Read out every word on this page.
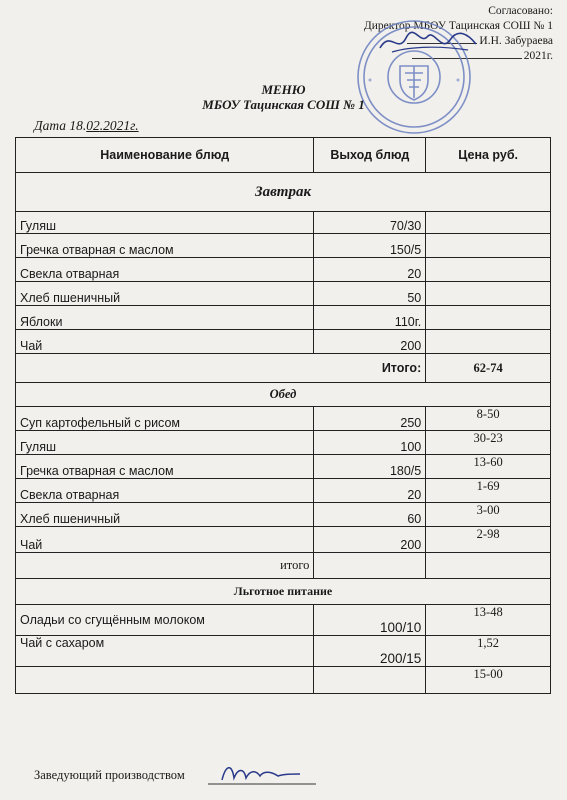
Согласовано:
Директор МБОУ Тацинская СОШ № 1
И.Н. Забураева
2021г.
МЕНЮ
МБОУ Тацинская СОШ № 1
Дата 18.02.2021г.
Наименование блюд	Выход блюд	Цена руб.
Завтрак		
Гуляш	70/30	
Гречка отварная с маслом	150/5	
Свекла отварная	20	
Хлеб пшеничный	50	
Яблоки	110г.	
Чай	200	
Итого:		62-74
Обед		
Суп картофельный с рисом	250	8-50
Гуляш	100	30-23
Гречка отварная с маслом	180/5	13-60
Свекла отварная	20	1-69
Хлеб пшеничный	60	3-00
Чай	200	2-98
итого		
Льготное питание		
Оладьи со сгущённым молоком	100/10	13-48
Чай с сахаром	200/15	1,52
		15-00
Заведующий производством
